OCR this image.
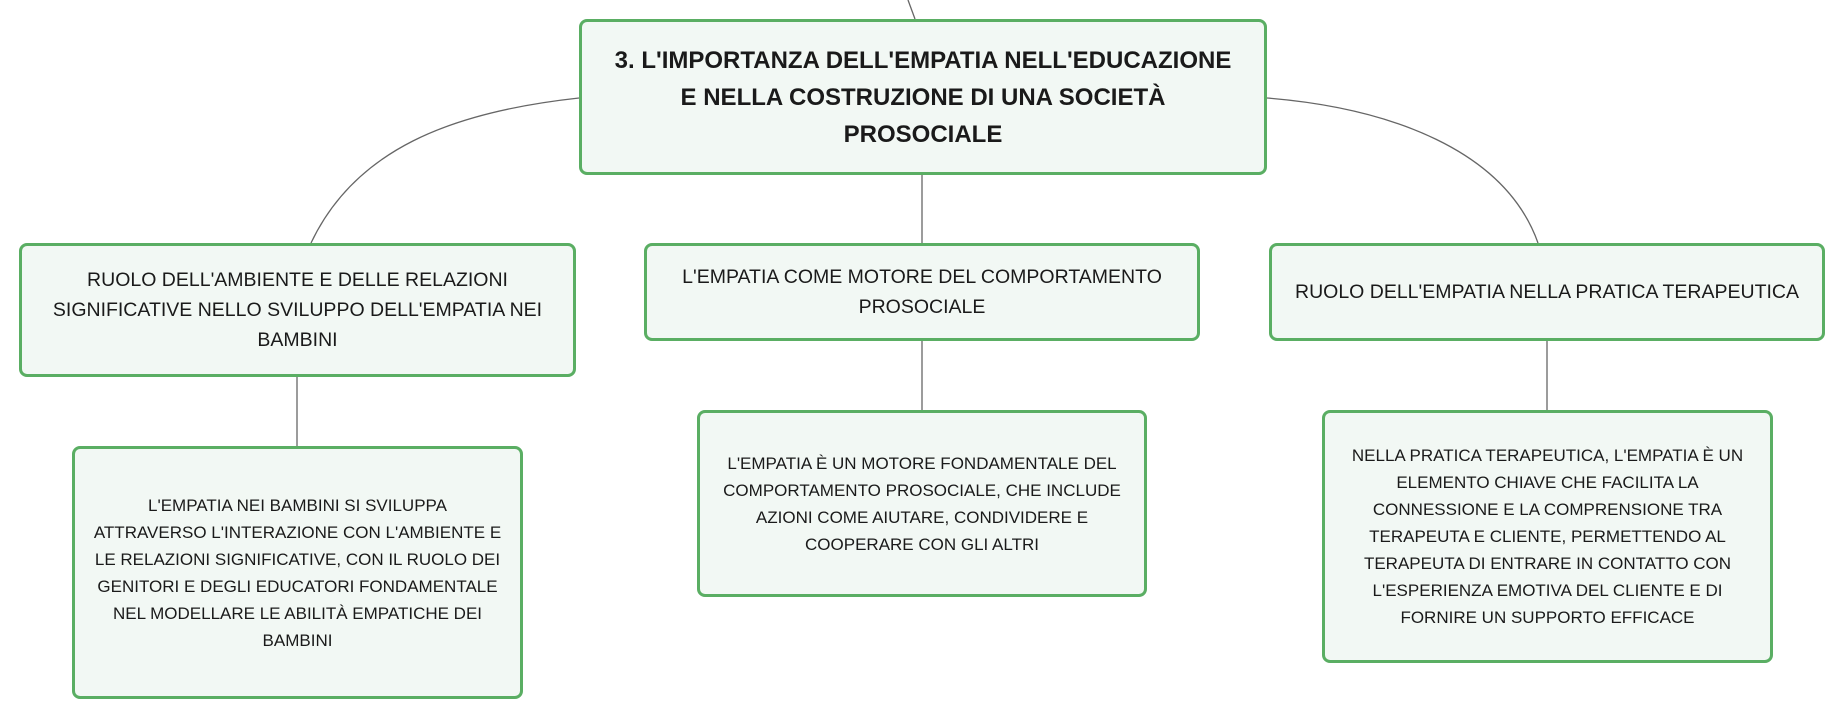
3. L'IMPORTANZA DELL'EMPATIA NELL'EDUCAZIONE E NELLA COSTRUZIONE DI UNA SOCIETÀ PROSOCIALE
RUOLO DELL'AMBIENTE E DELLE RELAZIONI SIGNIFICATIVE NELLO SVILUPPO DELL'EMPATIA NEI BAMBINI
L'EMPATIA COME MOTORE DEL COMPORTAMENTO PROSOCIALE
RUOLO DELL'EMPATIA NELLA PRATICA TERAPEUTICA
L'EMPATIA NEI BAMBINI SI SVILUPPA ATTRAVERSO L'INTERAZIONE CON L'AMBIENTE E LE RELAZIONI SIGNIFICATIVE, CON IL RUOLO DEI GENITORI E DEGLI EDUCATORI FONDAMENTALE NEL MODELLARE LE ABILITÀ EMPATICHE DEI BAMBINI
L'EMPATIA È UN MOTORE FONDAMENTALE DEL COMPORTAMENTO PROSOCIALE, CHE INCLUDE AZIONI COME AIUTARE, CONDIVIDERE E COOPERARE CON GLI ALTRI
NELLA PRATICA TERAPEUTICA, L'EMPATIA È UN ELEMENTO CHIAVE CHE FACILITA LA CONNESSIONE E LA COMPRENSIONE TRA TERAPEUTA E CLIENTE, PERMETTENDO AL TERAPEUTA DI ENTRARE IN CONTATTO CON L'ESPERIENZA EMOTIVA DEL CLIENTE E DI FORNIRE UN SUPPORTO EFFICACE
